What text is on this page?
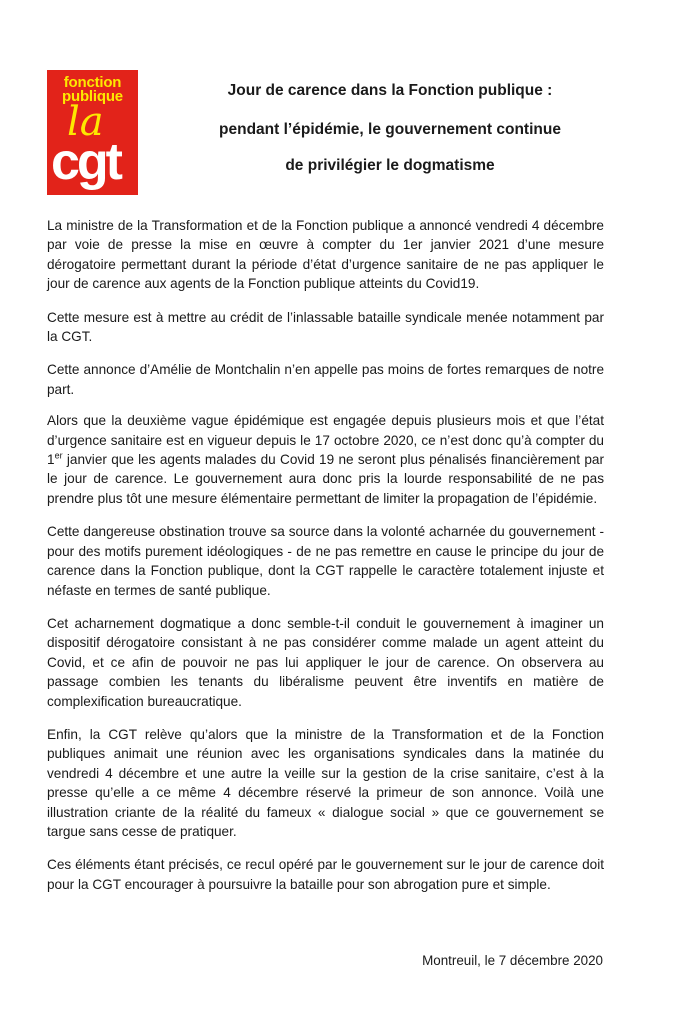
fonction
publique
la
cgt
Jour de carence dans la Fonction publique :
pendant l’épidémie, le gouvernement continue
de privilégier le dogmatisme

La ministre de la Transformation et de la Fonction publique a annoncé vendredi 4 décembre par voie de presse la mise en œuvre à compter du 1er janvier 2021 d’une mesure dérogatoire permettant durant la période d’état d’urgence sanitaire de ne pas appliquer le jour de carence aux agents de la Fonction publique atteints du Covid19.

Cette mesure est à mettre au crédit de l’inlassable bataille syndicale menée notamment par la CGT.

Cette annonce d’Amélie de Montchalin n’en appelle pas moins de fortes remarques de notre part.

Alors que la deuxième vague épidémique est engagée depuis plusieurs mois et que l’état d’urgence sanitaire est en vigueur depuis le 17 octobre 2020, ce n’est donc qu’à compter du 1er janvier que les agents malades du Covid 19 ne seront plus pénalisés financièrement par le jour de carence. Le gouvernement aura donc pris la lourde responsabilité de ne pas prendre plus tôt une mesure élémentaire permettant de limiter la propagation de l’épidémie.

Cette dangereuse obstination trouve sa source dans la volonté acharnée du gouvernement - pour des motifs purement idéologiques - de ne pas remettre en cause le principe du jour de carence dans la Fonction publique, dont la CGT rappelle le caractère totalement injuste et néfaste en termes de santé publique.

Cet acharnement dogmatique a donc semble-t-il conduit le gouvernement à imaginer un dispositif dérogatoire consistant à ne pas considérer comme malade un agent atteint du Covid, et ce afin de pouvoir ne pas lui appliquer le jour de carence. On observera au passage combien les tenants du libéralisme peuvent être inventifs en matière de complexification bureaucratique.

Enfin, la CGT relève qu’alors que la ministre de la Transformation et de la Fonction publiques animait une réunion avec les organisations syndicales dans la matinée du vendredi 4 décembre et une autre la veille sur la gestion de la crise sanitaire, c’est à la presse qu’elle a ce même 4 décembre réservé la primeur de son annonce. Voilà une illustration criante de la réalité du fameux « dialogue social » que ce gouvernement se targue sans cesse de pratiquer.

Ces éléments étant précisés, ce recul opéré par le gouvernement sur le jour de carence doit pour la CGT encourager à poursuivre la bataille pour son abrogation pure et simple.

Montreuil, le 7 décembre 2020
